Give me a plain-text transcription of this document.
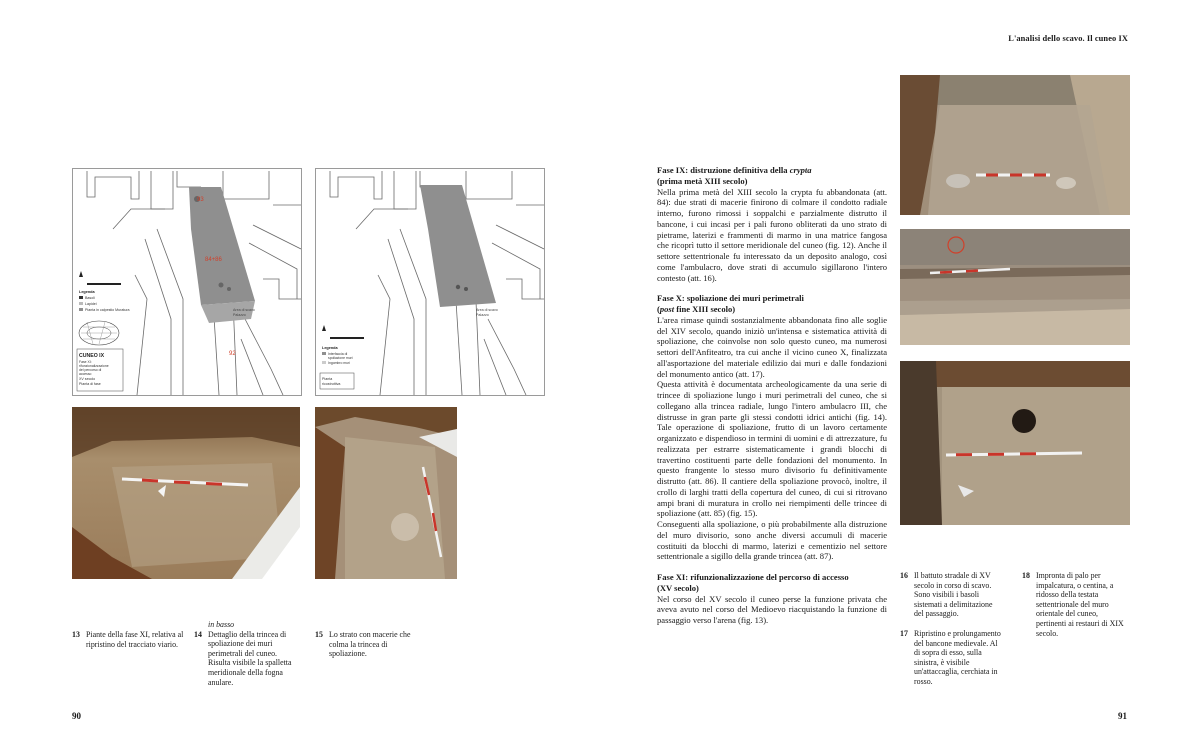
L'analisi dello scavo. Il cuneo IX
93
84+86
92
Area di scavo
Palazzo
Legenda
Basoli
Lapidei
Pianta in calpestio Muratura
CUNEO IX
Fase XI:
rifunzionalizzazione
del percorso di
accesso
XV secolo
Pianta di fase
Area di scavo
Palazzo
Legenda
Interfaccia di
spoliazione muri
Ingombro muri
Pianta
ricostruttiva
13 Piante della fase XI, relativa al ripristino del tracciato viario.
in basso
14 Dettaglio della trincea di spoliazione dei muri perimetrali del cuneo. Risulta visibile la spalletta meridionale della fogna anulare.
15 Lo strato con macerie che colma la trincea di spoliazione.
90
Fase IX: distruzione definitiva della crypta
(prima metà XIII secolo)

Nella prima metà del XIII secolo la crypta fu abbandonata (att. 84): due strati di macerie finirono di colmare il condotto radiale interno, furono rimossi i soppalchi e parzialmente distrutto il bancone, i cui incasi per i pali furono obliterati da uno strato di pietrame, laterizi e frammenti di marmo in una matrice fangosa che ricoprì tutto il settore meridionale del cuneo (fig. 12). Anche il settore settentrionale fu interessato da un deposito analogo, così come l'ambulacro, dove strati di accumulo sigillarono l'intero contesto (att. 16).

Fase X: spoliazione dei muri perimetrali
(post fine XIII secolo)

L'area rimase quindi sostanzialmente abbandonata fino alle soglie del XIV secolo, quando iniziò un'intensa e sistematica attività di spoliazione, che coinvolse non solo questo cuneo, ma numerosi settori dell'Anfiteatro, tra cui anche il vicino cuneo X, finalizzata all'asportazione del materiale edilizio dai muri e dalle fondazioni del monumento antico (att. 17).

Questa attività è documentata archeologicamente da una serie di trincee di spoliazione lungo i muri perimetrali del cuneo, che si collegano alla trincea radiale, lungo l'intero ambulacro III, che distrusse in gran parte gli stessi condotti idrici antichi (fig. 14). Tale operazione di spoliazione, frutto di un lavoro certamente organizzato e dispendioso in termini di uomini e di attrezzature, fu realizzata per estrarre sistematicamente i grandi blocchi di travertino costituenti parte delle fondazioni del monumento. In questo frangente lo stesso muro divisorio fu definitivamente distrutto (att. 86). Il cantiere della spoliazione provocò, inoltre, il crollo di larghi tratti della copertura del cuneo, di cui si ritrovano ampi brani di muratura in crollo nei riempimenti delle trincee di spoliazione (att. 85) (fig. 15).

Conseguenti alla spoliazione, o più probabilmente alla distruzione del muro divisorio, sono anche diversi accumuli di macerie costituiti da blocchi di marmo, laterizi e cementizio nel settore settentrionale a sigillo della grande trincea (att. 87).

Fase XI: rifunzionalizzazione del percorso di accesso
(XV secolo)

Nel corso del XV secolo il cuneo perse la funzione privata che aveva avuto nel corso del Medioevo riacquistando la funzione di passaggio verso l'arena (fig. 13).

16 Il battuto stradale di XV secolo in corso di scavo. Sono visibili i basoli sistemati a delimitazione del passaggio.
17 Ripristino e prolungamento del bancone medievale. Al di sopra di esso, sulla sinistra, è visibile un'attaccaglia, cerchiata in rosso.
18 Impronta di palo per impalcatura, o centina, a ridosso della testata settentrionale del muro orientale del cuneo, pertinenti ai restauri di XIX secolo.
91
